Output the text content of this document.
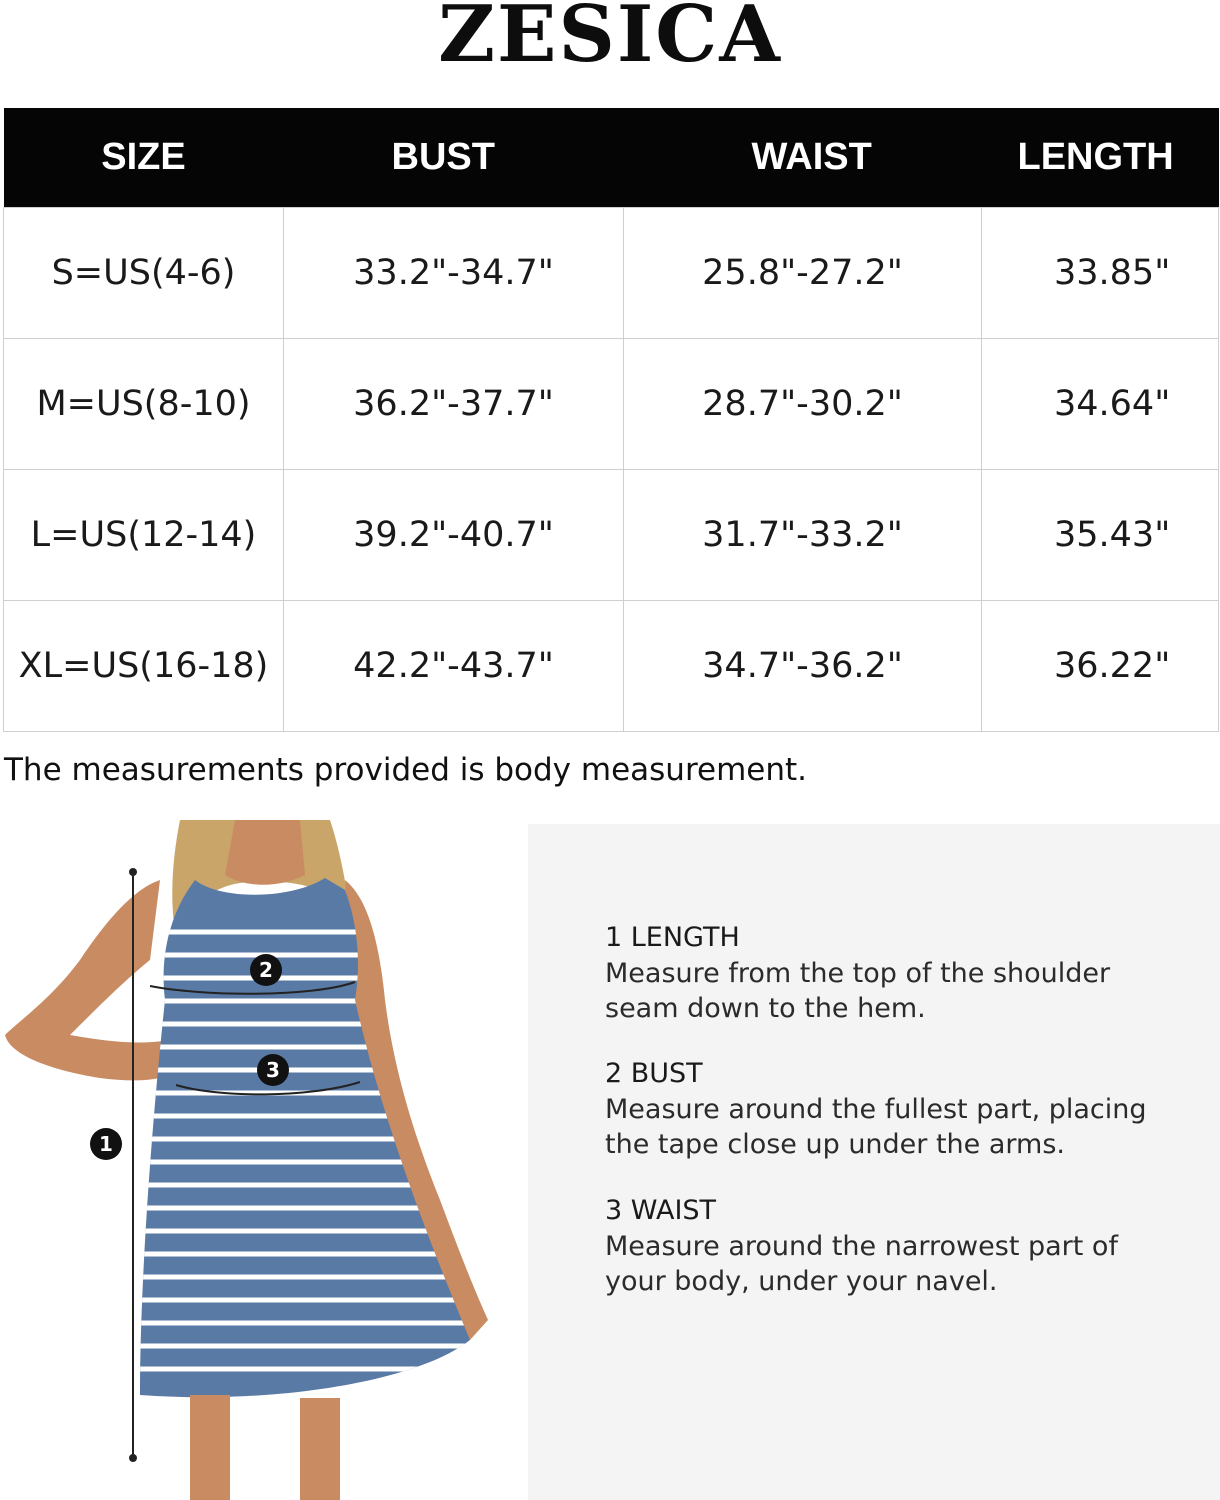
ZESICA
SIZE	BUST	WAIST	LENGTH
S=US(4-6)	33.2"-34.7"	25.8"-27.2"	33.85"
M=US(8-10)	36.2"-37.7"	28.7"-30.2"	34.64"
L=US(12-14)	39.2"-40.7"	31.7"-33.2"	35.43"
XL=US(16-18)	42.2"-43.7"	34.7"-36.2"	36.22"
The measurements provided is body measurement.
1
2
3
1 LENGTH
Measure from the top of the shoulder seam down to the hem.
2 BUST
Measure around the fullest part, placing the tape close up under the arms.
3 WAIST
Measure around the narrowest part of your body, under your navel.
